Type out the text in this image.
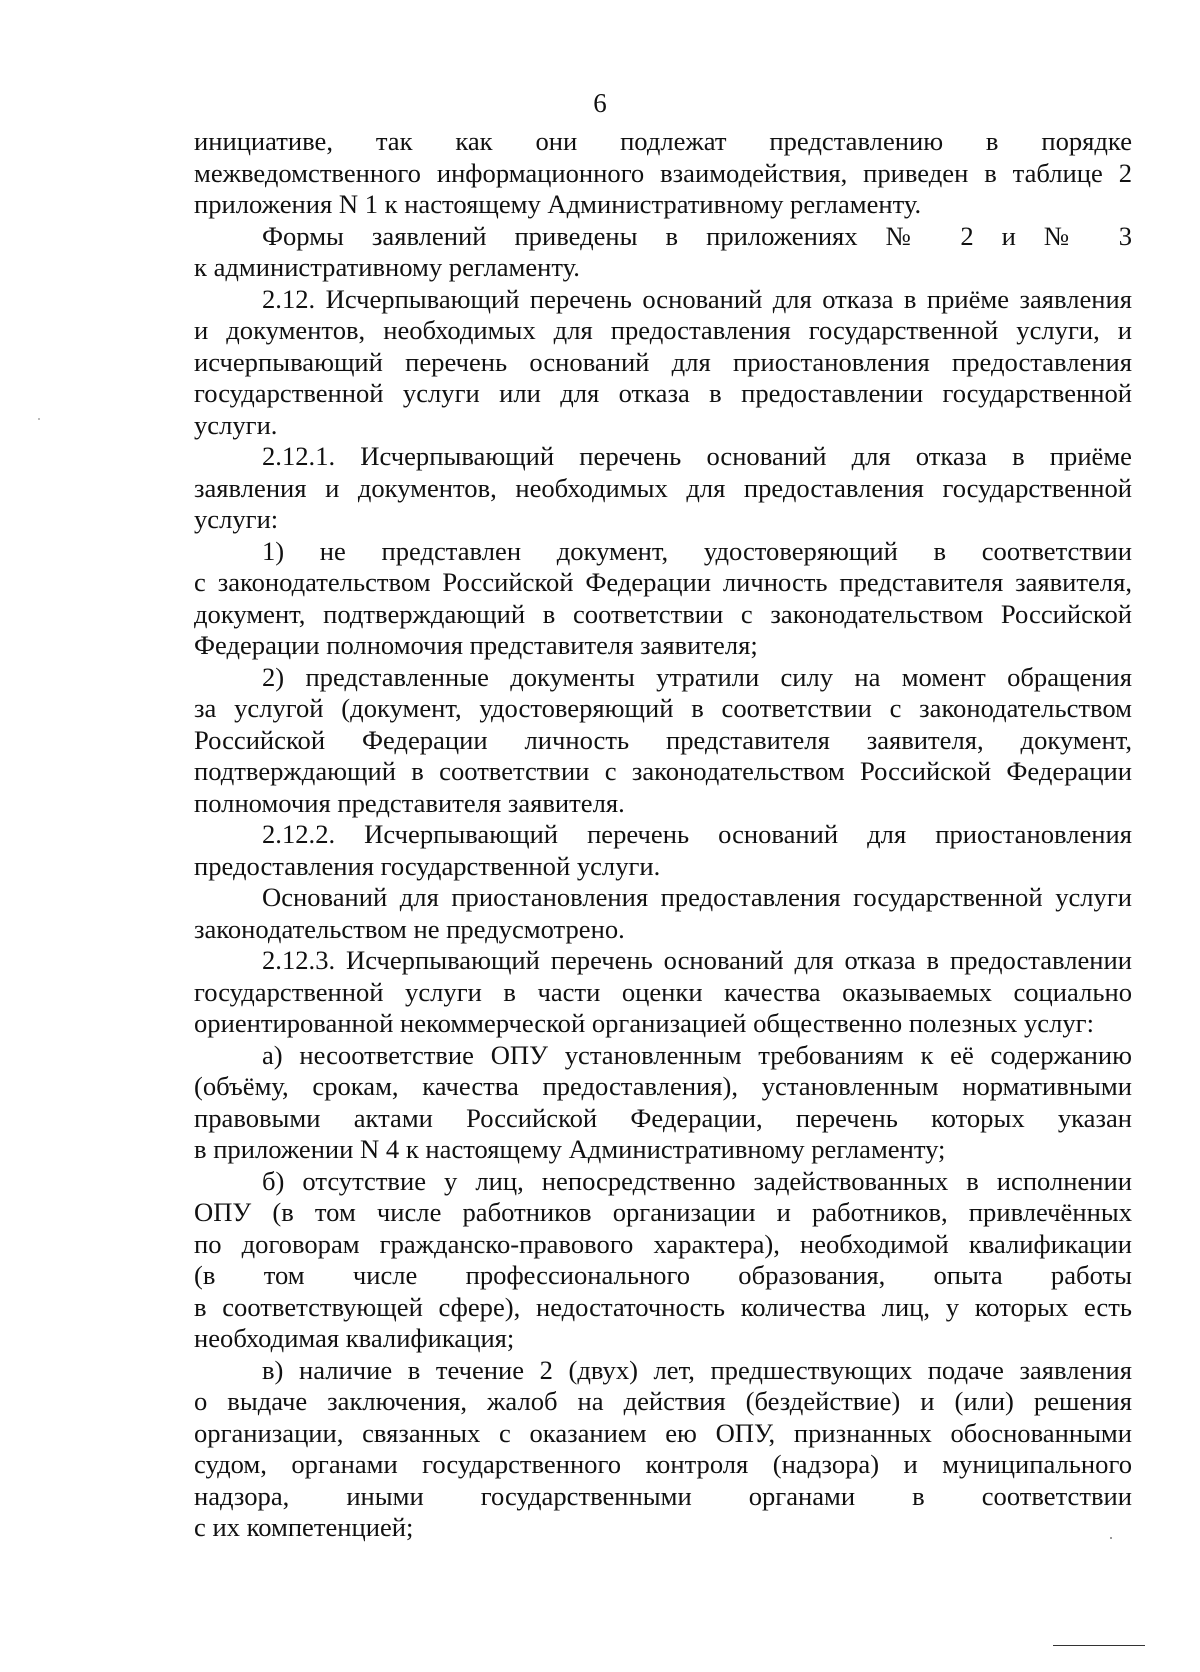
6
инициативе, так как они подлежат представлению в порядке
межведомственного информационного взаимодействия, приведен в таблице 2
приложения N 1 к настоящему Административному регламенту.
Формы заявлений приведены в приложениях № 2 и № 3
к административному регламенту.
2.12. Исчерпывающий перечень оснований для отказа в приёме заявления
и документов, необходимых для предоставления государственной услуги, и
исчерпывающий перечень оснований для приостановления предоставления
государственной услуги или для отказа в предоставлении государственной
услуги.
2.12.1. Исчерпывающий перечень оснований для отказа в приёме
заявления и документов, необходимых для предоставления государственной
услуги:
1) не представлен документ, удостоверяющий в соответствии
с законодательством Российской Федерации личность представителя заявителя,
документ, подтверждающий в соответствии с законодательством Российской
Федерации полномочия представителя заявителя;
2) представленные документы утратили силу на момент обращения
за услугой (документ, удостоверяющий в соответствии с законодательством
Российской Федерации личность представителя заявителя, документ,
подтверждающий в соответствии с законодательством Российской Федерации
полномочия представителя заявителя.
2.12.2. Исчерпывающий перечень оснований для приостановления
предоставления государственной услуги.
Оснований для приостановления предоставления государственной услуги
законодательством не предусмотрено.
2.12.3. Исчерпывающий перечень оснований для отказа в предоставлении
государственной услуги в части оценки качества оказываемых социально
ориентированной некоммерческой организацией общественно полезных услуг:
а) несоответствие ОПУ установленным требованиям к её содержанию
(объёму, срокам, качества предоставления), установленным нормативными
правовыми актами Российской Федерации, перечень которых указан
в приложении N 4 к настоящему Административному регламенту;
б) отсутствие у лиц, непосредственно задействованных в исполнении
ОПУ (в том числе работников организации и работников, привлечённых
по договорам гражданско-правового характера), необходимой квалификации
(в том числе профессионального образования, опыта работы
в соответствующей сфере), недостаточность количества лиц, у которых есть
необходимая квалификация;
в) наличие в течение 2 (двух) лет, предшествующих подаче заявления
о выдаче заключения, жалоб на действия (бездействие) и (или) решения
организации, связанных с оказанием ею ОПУ, признанных обоснованными
судом, органами государственного контроля (надзора) и муниципального
надзора, иными государственными органами в соответствии
с их компетенцией;
